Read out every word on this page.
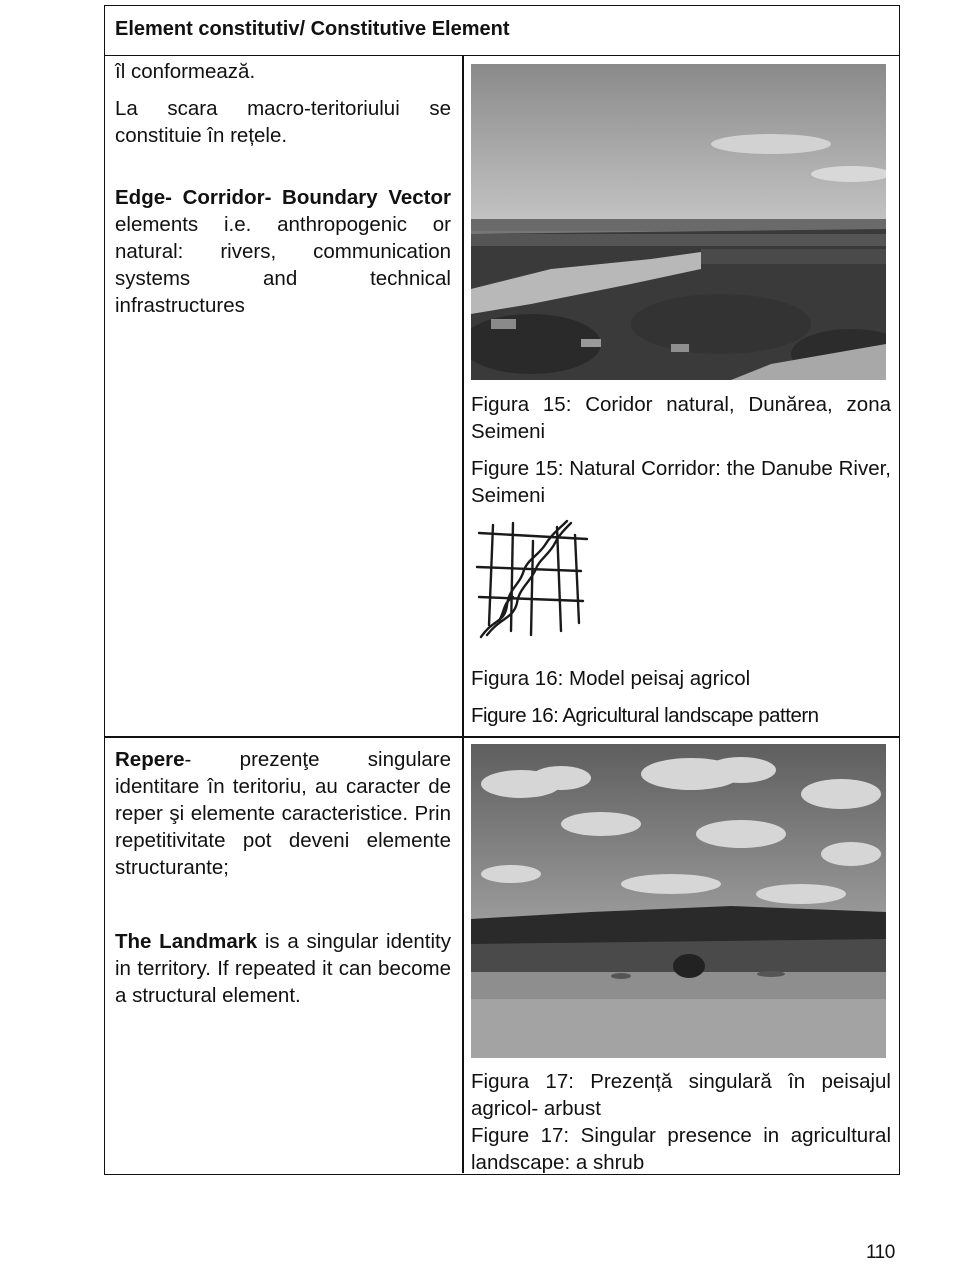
Element constitutiv/ Constitutive Element

îl conformează.

La scara macro-teritoriului se constituie în rețele.

Edge- Corridor- Boundary Vector elements i.e. anthropogenic or natural: rivers, communication systems and technical infrastructures

Figura 15: Coridor natural, Dunărea, zona Seimeni

Figure 15: Natural Corridor: the Danube River, Seimeni

Figura 16: Model peisaj agricol

Figure 16: Agricultural landscape pattern

Repere- prezenţe singulare identitare în teritoriu, au caracter de reper şi elemente caracteristice. Prin repetitivitate pot deveni elemente structurante;

The Landmark is a singular identity in territory. If repeated it can become a structural element.

Figura 17: Prezență singulară în peisajul agricol- arbust

Figure 17: Singular presence in agricultural landscape: a shrub

110
